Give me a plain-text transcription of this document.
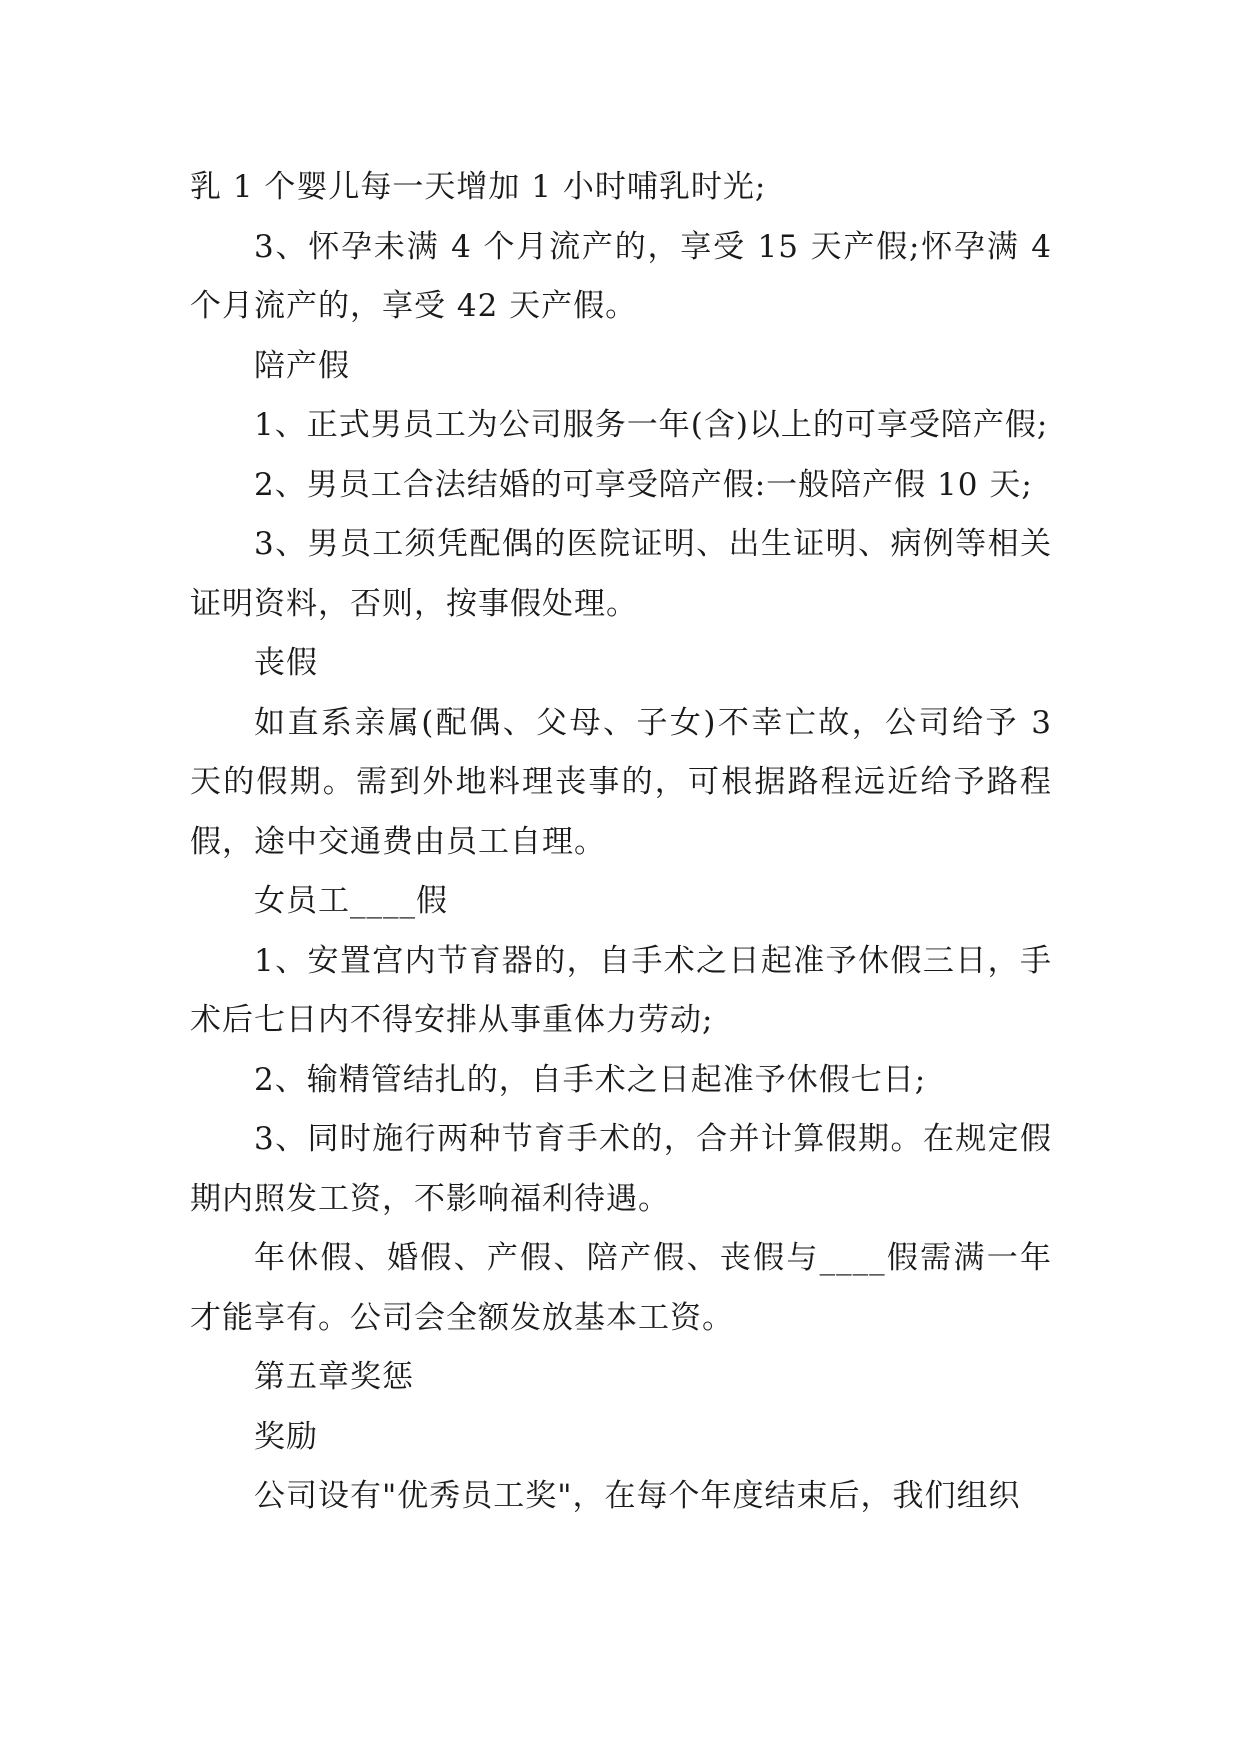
乳 1 个婴儿每一天增加 1 小时哺乳时光;

3、怀孕未满 4 个月流产的，享受 15 天产假;怀孕满 4 个月流产的，享受 42 天产假。

陪产假

1、正式男员工为公司服务一年(含)以上的可享受陪产假;

2、男员工合法结婚的可享受陪产假:一般陪产假 10 天;

3、男员工须凭配偶的医院证明、出生证明、病例等相关证明资料，否则，按事假处理。

丧假

如直系亲属(配偶、父母、子女)不幸亡故，公司给予 3 天的假期。需到外地料理丧事的，可根据路程远近给予路程假，途中交通费由员工自理。

女员工____假

1、安置宫内节育器的，自手术之日起准予休假三日，手术后七日内不得安排从事重体力劳动;

2、输精管结扎的，自手术之日起准予休假七日;

3、同时施行两种节育手术的，合并计算假期。在规定假期内照发工资，不影响福利待遇。

年休假、婚假、产假、陪产假、丧假与____假需满一年才能享有。公司会全额发放基本工资。

第五章奖惩

奖励

公司设有"优秀员工奖"，在每个年度结束后，我们组织
